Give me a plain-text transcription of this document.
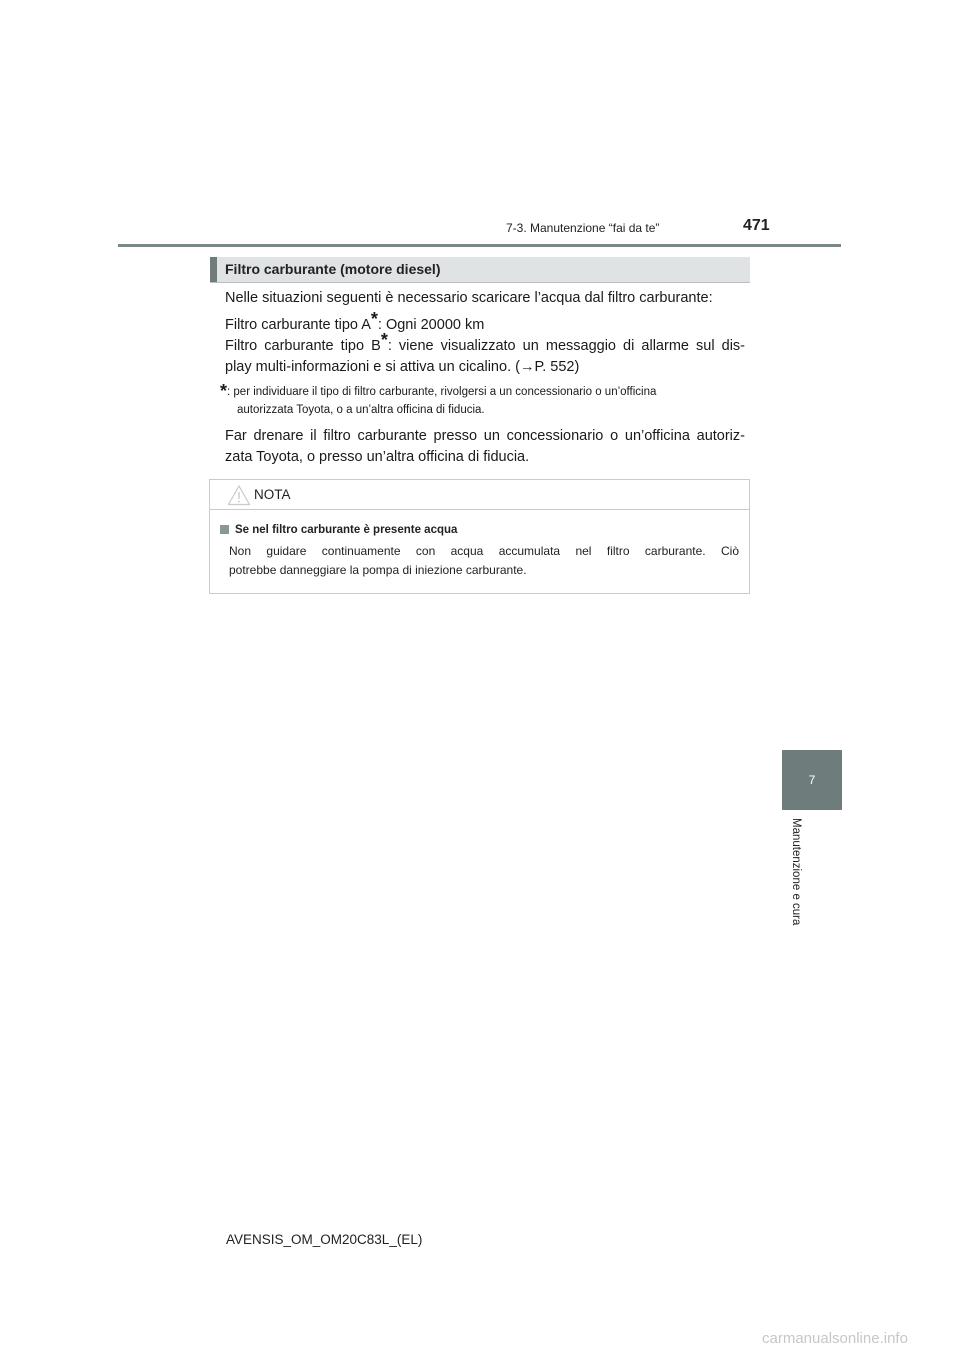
7-3. Manutenzione “fai da te”	471
7
Manutenzione e cura
Filtro carburante (motore diesel)
Nelle situazioni seguenti è necessario scaricare l’acqua dal filtro carburante:
Filtro carburante tipo A*: Ogni 20000 km
Filtro carburante tipo B*: viene visualizzato un messaggio di allarme sul dis-
play multi-informazioni e si attiva un cicalino. (→P. 552)
*: per individuare il tipo di filtro carburante, rivolgersi a un concessionario o un’officina
autorizzata Toyota, o a un’altra officina di fiducia.
Far drenare il filtro carburante presso un concessionario o un’officina autoriz-
zata Toyota, o presso un’altra officina di fiducia.
NOTA
Se nel filtro carburante è presente acqua
Non guidare continuamente con acqua accumulata nel filtro carburante. Ciò
potrebbe danneggiare la pompa di iniezione carburante.
AVENSIS_OM_OM20C83L_(EL)
carmanualsonline.info
